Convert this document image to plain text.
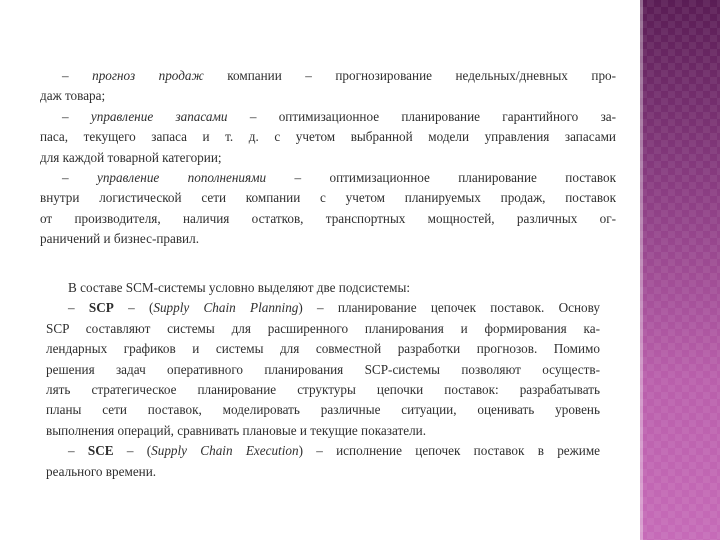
– прогноз продаж компании – прогнозирование недельных/дневных про-
даж товара;
– управление запасами – оптимизационное планирование гарантийного за-
паса, текущего запаса и т. д. с учетом выбранной модели управления запасами
для каждой товарной категории;
– управление пополнениями – оптимизационное планирование поставок
внутри логистической сети компании с учетом планируемых продаж, поставок
от производителя, наличия остатков, транспортных мощностей, различных ог-
раничений и бизнес-правил.
В составе SCM-системы условно выделяют две подсистемы:
– SCP – (Supply Chain Planning) – планирование цепочек поставок. Основу
SCP составляют системы для расширенного планирования и формирования ка-
лендарных графиков и системы для совместной разработки прогнозов. Помимо
решения задач оперативного планирования SCP-системы позволяют осуществ-
лять стратегическое планирование структуры цепочки поставок: разрабатывать
планы сети поставок, моделировать различные ситуации, оценивать уровень
выполнения операций, сравнивать плановые и текущие показатели.
– SCE – (Supply Chain Execution) – исполнение цепочек поставок в режиме
реального времени.
